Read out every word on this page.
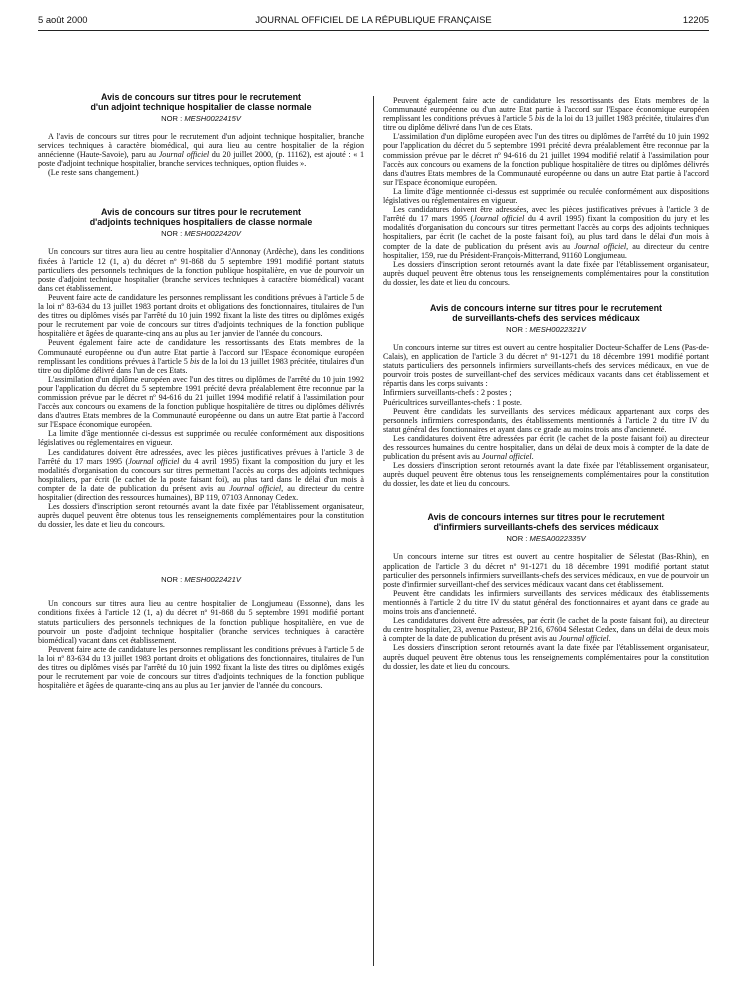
5 août 2000	JOURNAL OFFICIEL DE LA RÉPUBLIQUE FRANÇAISE	12205
Avis de concours sur titres pour le recrutement
d'un adjoint technique hospitalier de classe normale
NOR : MESH0022415V

A l'avis de concours sur titres pour le recrutement d'un adjoint technique hospitalier, branche services techniques à caractère biomédical, qui aura lieu au centre hospitalier de la région annécienne (Haute-Savoie), paru au Journal officiel du 20 juillet 2000, (p. 11162), est ajouté : « 1 poste d'adjoint technique hospitalier, branche services techniques, option fluides ».

(Le reste sans changement.)

Avis de concours sur titres pour le recrutement
d'adjoints techniques hospitaliers de classe normale
NOR : MESH0022420V

Un concours sur titres aura lieu au centre hospitalier d'Annonay (Ardèche), dans les conditions fixées à l'article 12 (1, a) du décret nº 91-868 du 5 septembre 1991 modifié portant statuts particuliers des personnels techniques de la fonction publique hospitalière, en vue de pourvoir un poste d'adjoint technique hospitalier (branche services techniques à caractère biomédical) vacant dans cet établissement.

Peuvent faire acte de candidature les personnes remplissant les conditions prévues à l'article 5 de la loi nº 83-634 du 13 juillet 1983 portant droits et obligations des fonctionnaires, titulaires de l'un des titres ou diplômes visés par l'arrêté du 10 juin 1992 fixant la liste des titres ou diplômes exigés pour le recrutement par voie de concours sur titres d'adjoints techniques de la fonction publique hospitalière et âgées de quarante-cinq ans au plus au 1er janvier de l'année du concours.

Peuvent également faire acte de candidature les ressortissants des Etats membres de la Communauté européenne ou d'un autre Etat partie à l'accord sur l'Espace économique européen remplissant les conditions prévues à l'article 5 bis de la loi du 13 juillet 1983 précitée, titulaires d'un titre ou diplôme délivré dans l'un de ces Etats.

L'assimilation d'un diplôme européen avec l'un des titres ou diplômes de l'arrêté du 10 juin 1992 pour l'application du décret du 5 septembre 1991 précité devra préalablement être reconnue par la commission prévue par le décret nº 94-616 du 21 juillet 1994 modifié relatif à l'assimilation pour l'accès aux concours ou examens de la fonction publique hospitalière de titres ou diplômes délivrés dans d'autres Etats membres de la Communauté européenne ou dans un autre Etat partie à l'accord sur l'Espace économique européen.

La limite d'âge mentionnée ci-dessus est supprimée ou reculée conformément aux dispositions législatives ou réglementaires en vigueur.

Les candidatures doivent être adressées, avec les pièces justificatives prévues à l'article 3 de l'arrêté du 17 mars 1995 (Journal officiel du 4 avril 1995) fixant la composition du jury et les modalités d'organisation du concours sur titres permettant l'accès au corps des adjoints techniques hospitaliers, par écrit (le cachet de la poste faisant foi), au plus tard dans le délai d'un mois à compter de la date de publication du présent avis au Journal officiel, au directeur du centre hospitalier (direction des ressources humaines), BP 119, 07103 Annonay Cedex.

Les dossiers d'inscription seront retournés avant la date fixée par l'établissement organisateur, auprès duquel peuvent être obtenus tous les renseignements complémentaires pour la constitution du dossier, les date et lieu du concours.

NOR : MESH0022421V

Un concours sur titres aura lieu au centre hospitalier de Longjumeau (Essonne), dans les conditions fixées à l'article 12 (1, a) du décret nº 91-868 du 5 septembre 1991 modifié portant statuts particuliers des personnels techniques de la fonction publique hospitalière, en vue de pourvoir un poste d'adjoint technique hospitalier (branche services techniques à caractère biomédical) vacant dans cet établissement.

Peuvent faire acte de candidature les personnes remplissant les conditions prévues à l'article 5 de la loi nº 83-634 du 13 juillet 1983 portant droits et obligations des fonctionnaires, titulaires de l'un des titres ou diplômes visés par l'arrêté du 10 juin 1992 fixant la liste des titres ou diplômes exigés pour le recrutement par voie de concours sur titres d'adjoints techniques de la fonction publique hospitalière et âgées de quarante-cinq ans au plus au 1er janvier de l'année du concours.

Peuvent également faire acte de candidature les ressortissants des Etats membres de la Communauté européenne ou d'un autre Etat partie à l'accord sur l'Espace économique européen remplissant les conditions prévues à l'article 5 bis de la loi du 13 juillet 1983 précitée, titulaires d'un titre ou diplôme délivré dans l'un de ces Etats.

L'assimilation d'un diplôme européen avec l'un des titres ou diplômes de l'arrêté du 10 juin 1992 pour l'application du décret du 5 septembre 1991 précité devra préalablement être reconnue par la commission prévue par le décret nº 94-616 du 21 juillet 1994 modifié relatif à l'assimilation pour l'accès aux concours ou examens de la fonction publique hospitalière de titres ou diplômes délivrés dans d'autres Etats membres de la Communauté européenne ou dans un autre Etat partie à l'accord sur l'Espace économique européen.

La limite d'âge mentionnée ci-dessus est supprimée ou reculée conformément aux dispositions législatives ou réglementaires en vigueur.

Les candidatures doivent être adressées, avec les pièces justificatives prévues à l'article 3 de l'arrêté du 17 mars 1995 (Journal officiel du 4 avril 1995) fixant la composition du jury et les modalités d'organisation du concours sur titres permettant l'accès au corps des adjoints techniques hospitaliers, par écrit (le cachet de la poste faisant foi), au plus tard dans le délai d'un mois à compter de la date de publication du présent avis au Journal officiel, au directeur du centre hospitalier, 159, rue du Président-François-Mitterrand, 91160 Longjumeau.

Les dossiers d'inscription seront retournés avant la date fixée par l'établissement organisateur, auprès duquel peuvent être obtenus tous les renseignements complémentaires pour la constitution du dossier, les date et lieu du concours.

Avis de concours interne sur titres pour le recrutement
de surveillants-chefs des services médicaux
NOR : MESH0022321V

Un concours interne sur titres est ouvert au centre hospitalier Docteur-Schaffer de Lens (Pas-de-Calais), en application de l'article 3 du décret nº 91-1271 du 18 décembre 1991 modifié portant statuts particuliers des personnels infirmiers surveillants-chefs des services médicaux, en vue de pourvoir trois postes de surveillant-chef des services médicaux vacants dans cet établissement et répartis dans les corps suivants :

Infirmiers surveillants-chefs : 2 postes ;

Puéricultrices surveillantes-chefs : 1 poste.

Peuvent être candidats les surveillants des services médicaux appartenant aux corps des personnels infirmiers correspondants, des établissements mentionnés à l'article 2 du titre IV du statut général des fonctionnaires et ayant dans ce grade au moins trois ans d'ancienneté.

Les candidatures doivent être adressées par écrit (le cachet de la poste faisant foi) au directeur des ressources humaines du centre hospitalier, dans un délai de deux mois à compter de la date de publication du présent avis au Journal officiel.

Les dossiers d'inscription seront retournés avant la date fixée par l'établissement organisateur, auprès duquel peuvent être obtenus tous les renseignements complémentaires pour la constitution du dossier, les date et lieu du concours.

Avis de concours internes sur titres pour le recrutement
d'infirmiers surveillants-chefs des services médicaux
NOR : MESA0022335V

Un concours interne sur titres est ouvert au centre hospitalier de Sélestat (Bas-Rhin), en application de l'article 3 du décret nº 91-1271 du 18 décembre 1991 modifié portant statut particulier des personnels infirmiers surveillants-chefs des services médicaux, en vue de pourvoir un poste d'infirmier surveillant-chef des services médicaux vacant dans cet établissement.

Peuvent être candidats les infirmiers surveillants des services médicaux des établissements mentionnés à l'article 2 du titre IV du statut général des fonctionnaires et ayant dans ce grade au moins trois ans d'ancienneté.

Les candidatures doivent être adressées, par écrit (le cachet de la poste faisant foi), au directeur du centre hospitalier, 23, avenue Pasteur, BP 216, 67604 Sélestat Cedex, dans un délai de deux mois à compter de la date de publication du présent avis au Journal officiel.

Les dossiers d'inscription seront retournés avant la date fixée par l'établissement organisateur, auprès duquel peuvent être obtenus tous les renseignements complémentaires pour la constitution du dossier, les date et lieu du concours.
